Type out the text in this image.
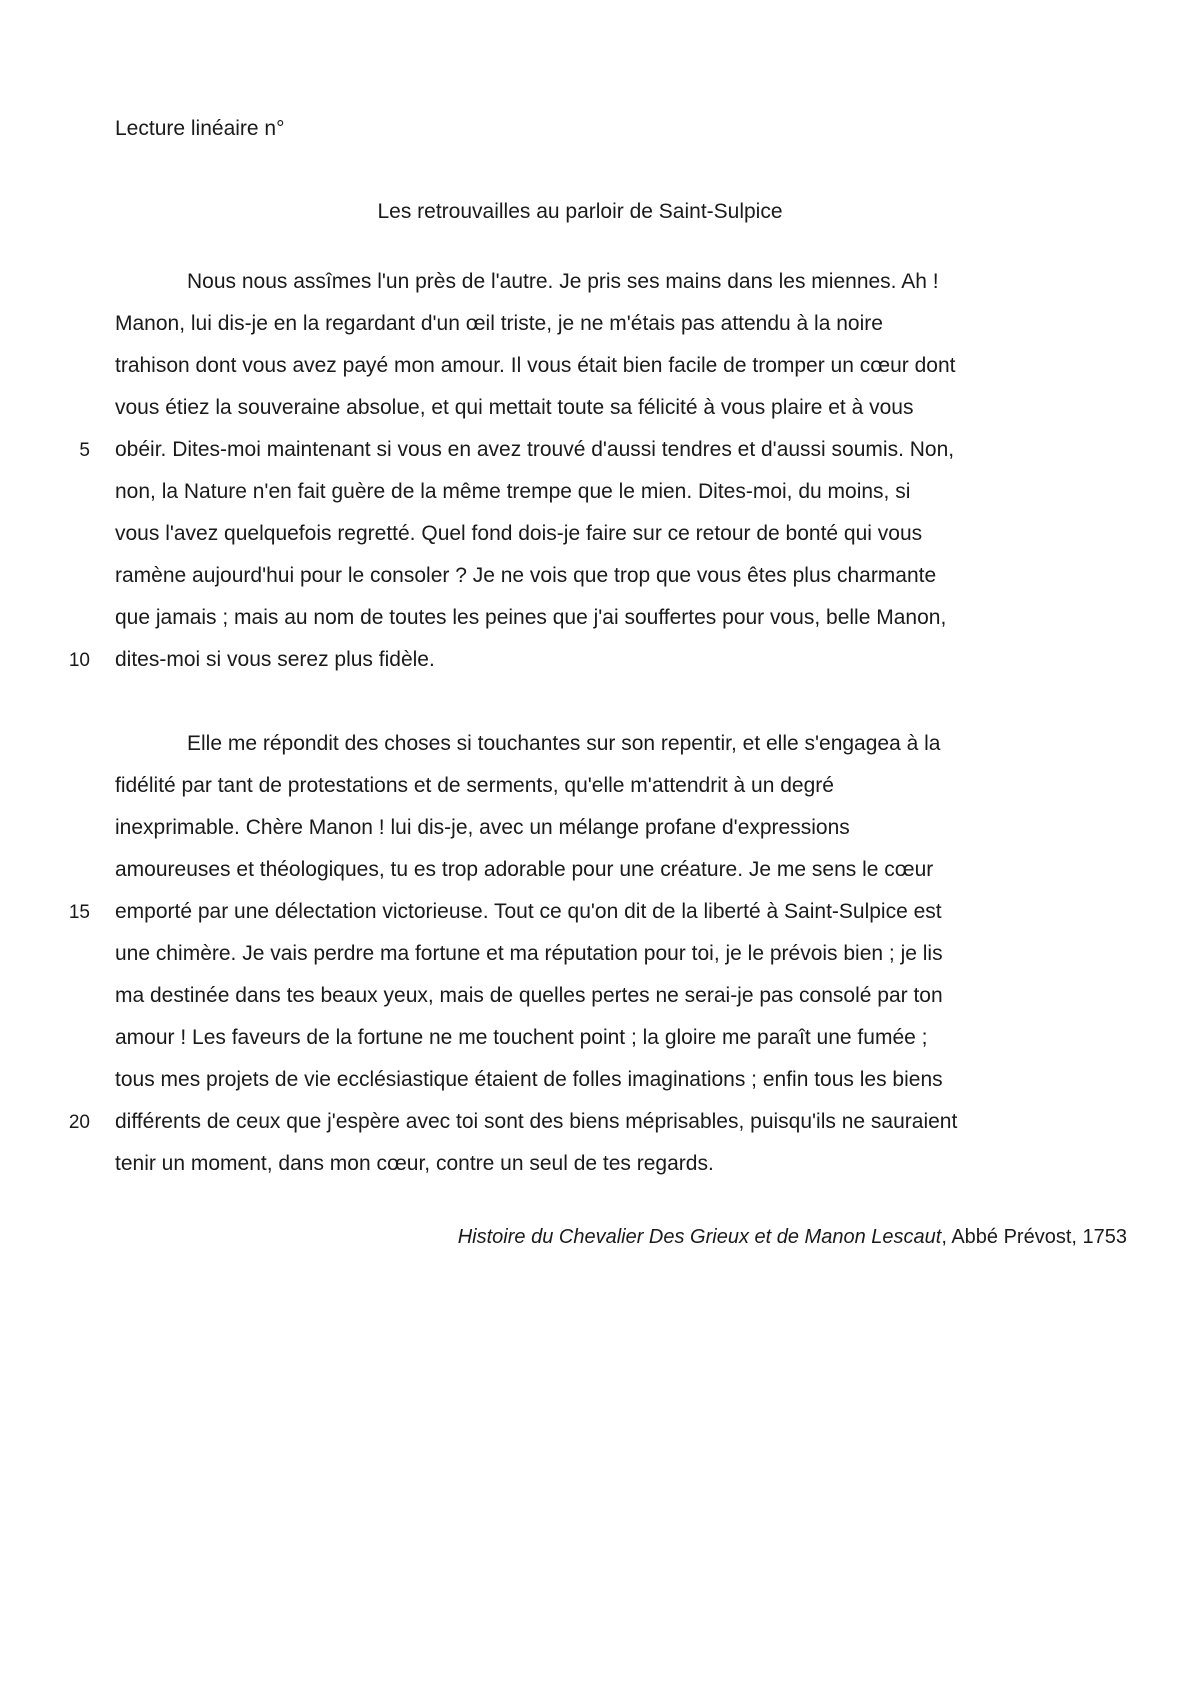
Lecture linéaire n°
Les retrouvailles au parloir de Saint-Sulpice
Nous nous assîmes l'un près de l'autre. Je pris ses mains dans les miennes. Ah !
Manon, lui dis-je en la regardant d'un œil triste, je ne m'étais pas attendu à la noire
trahison dont vous avez payé mon amour. Il vous était bien facile de tromper un cœur dont
vous étiez la souveraine absolue, et qui mettait toute sa félicité à vous plaire et à vous
obéir. Dites-moi maintenant si vous en avez trouvé d'aussi tendres et d'aussi soumis. Non,
non, la Nature n'en fait guère de la même trempe que le mien. Dites-moi, du moins, si
vous l'avez quelquefois regretté. Quel fond dois-je faire sur ce retour de bonté qui vous
ramène aujourd'hui pour le consoler ? Je ne vois que trop que vous êtes plus charmante
que jamais ; mais au nom de toutes les peines que j'ai souffertes pour vous, belle Manon,
dites-moi si vous serez plus fidèle.
Elle me répondit des choses si touchantes sur son repentir, et elle s'engagea à la
fidélité par tant de protestations et de serments, qu'elle m'attendrit à un degré
inexprimable. Chère Manon ! lui dis-je, avec un mélange profane d'expressions
amoureuses et théologiques, tu es trop adorable pour une créature. Je me sens le cœur
emporté par une délectation victorieuse. Tout ce qu'on dit de la liberté à Saint-Sulpice est
une chimère. Je vais perdre ma fortune et ma réputation pour toi, je le prévois bien ; je lis
ma destinée dans tes beaux yeux, mais de quelles pertes ne serai-je pas consolé par ton
amour ! Les faveurs de la fortune ne me touchent point ; la gloire me paraît une fumée ;
tous mes projets de vie ecclésiastique étaient de folles imaginations ; enfin tous les biens
différents de ceux que j'espère avec toi sont des biens méprisables, puisqu'ils ne sauraient
tenir un moment, dans mon cœur, contre un seul de tes regards.
5
10
15
20
Histoire du Chevalier Des Grieux et de Manon Lescaut, Abbé Prévost, 1753
